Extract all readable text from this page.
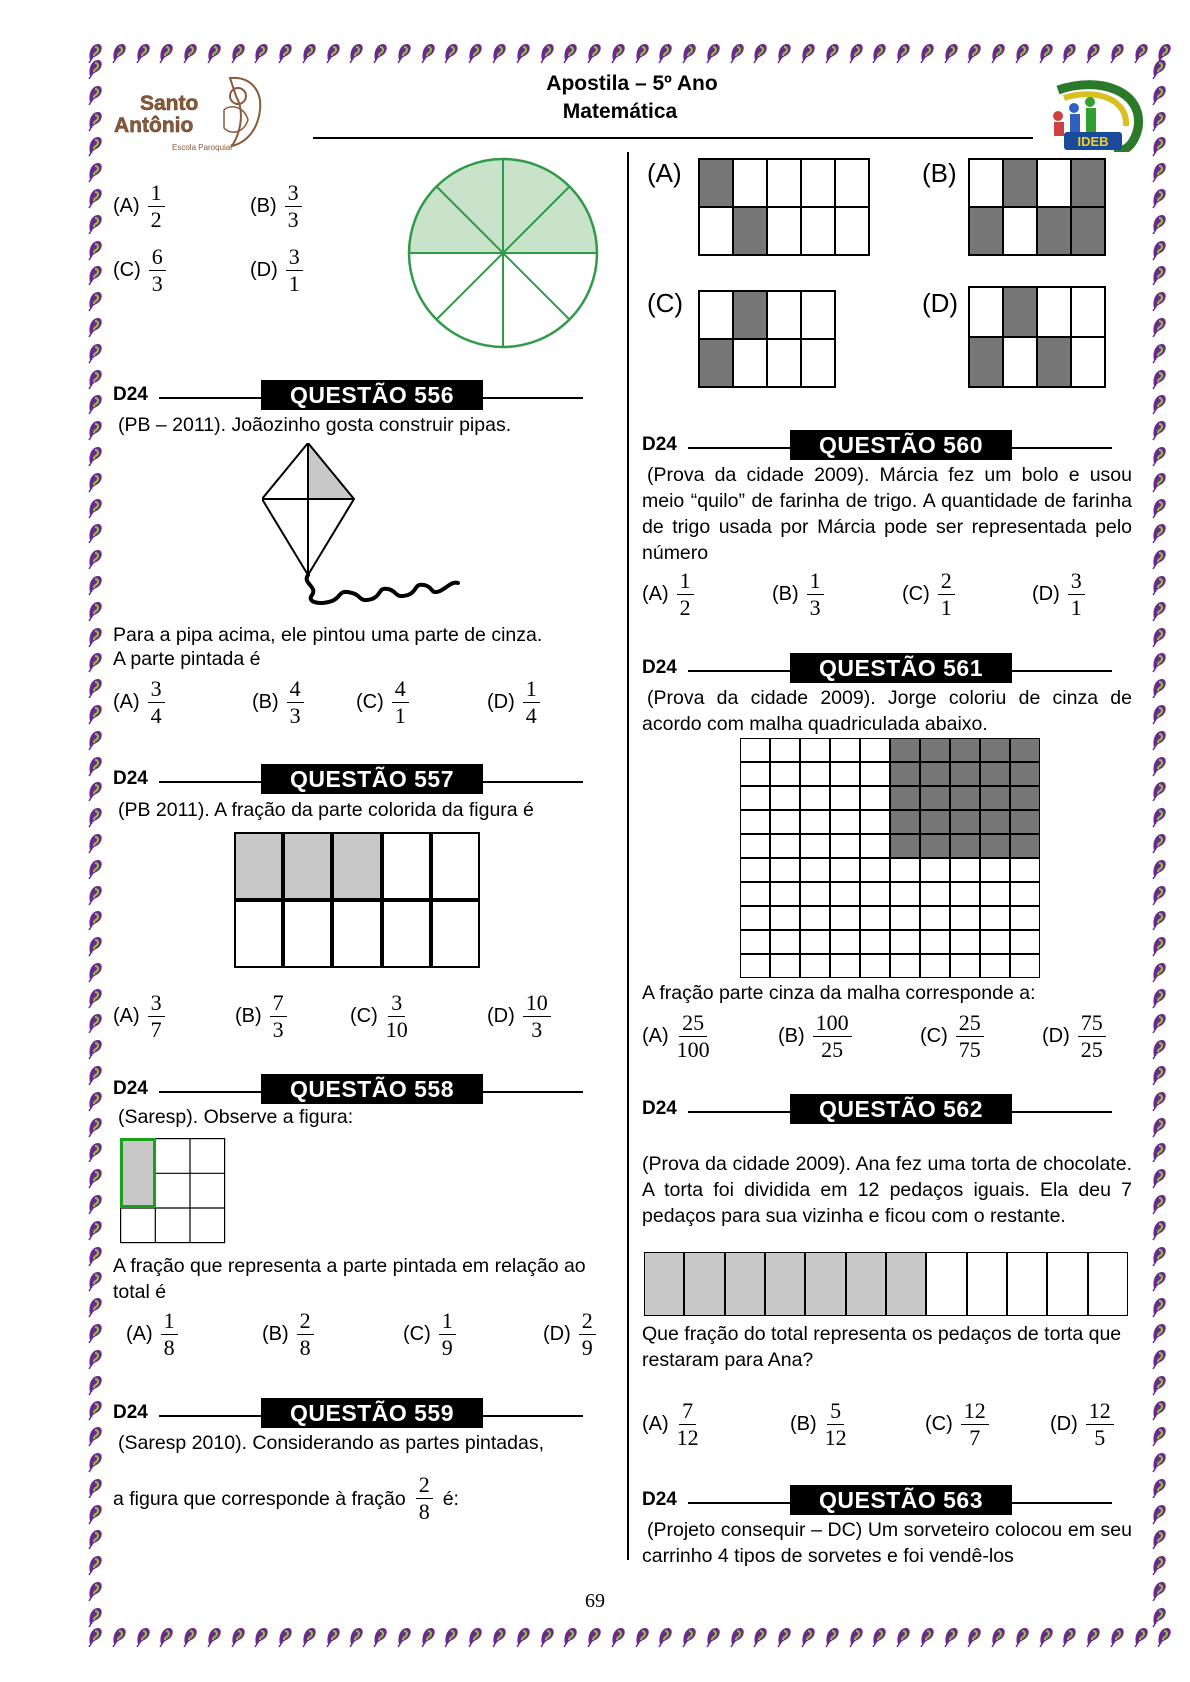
Santo
Antônio
Escola Paroquial
Apostila – 5º Ano
Matemática
IDEB
$(A) \frac{1}{2}$	$(B) \frac{3}{3}$
$(C) \frac{6}{3}$	$(D) \frac{3}{1}$
D24	QUESTÃO 556
(PB – 2011). Joãozinho gosta construir pipas.
Para a pipa acima, ele pintou uma parte de cinza.
A parte pintada é
$(A) \frac{3}{4}$	$(B) \frac{4}{3}$	$(C) \frac{4}{1}$	$(D) \frac{1}{4}$
D24	QUESTÃO 557
(PB 2011). A fração da parte colorida da figura é
$(A) \frac{3}{7}$	$(B) \frac{7}{3}$	$(C) \frac{3}{10}$	$(D) \frac{10}{3}$
D24	QUESTÃO 558
(Saresp). Observe a figura:
A fração que representa a parte pintada em relação ao total é
$(A) \frac{1}{8}$	$(B) \frac{2}{8}$	$(C) \frac{1}{9}$	$(D) \frac{2}{9}$
D24	QUESTÃO 559
(Saresp 2010). Considerando as partes pintadas,
a figura que corresponde à fração $\frac{2}{8}$ é:
(A)	(B)
(C)	(D)
D24	QUESTÃO 560
(Prova da cidade 2009). Márcia fez um bolo e usou meio “quilo” de farinha de trigo. A quantidade de farinha de trigo usada por Márcia pode ser representada pelo número
$(A) \frac{1}{2}$	$(B) \frac{1}{3}$	$(C) \frac{2}{1}$	$(D) \frac{3}{1}$
D24	QUESTÃO 561
(Prova da cidade 2009). Jorge coloriu de cinza de acordo com malha quadriculada abaixo.
A fração parte cinza da malha corresponde a:
$(A) \frac{25}{100}$	$(B) \frac{100}{25}$	$(C) \frac{25}{75}$	$(D) \frac{75}{25}$
D24	QUESTÃO 562
(Prova da cidade 2009). Ana fez uma torta de chocolate. A torta foi dividida em 12 pedaços iguais. Ela deu 7 pedaços para sua vizinha e ficou com o restante.
Que fração do total representa os pedaços de torta que restaram para Ana?
$(A) \frac{7}{12}$	$(B) \frac{5}{12}$	$(C) \frac{12}{7}$	$(D) \frac{12}{5}$
D24	QUESTÃO 563
(Projeto consequir – DC) Um sorveteiro colocou em seu carrinho 4 tipos de sorvetes e foi vendê-los
69
